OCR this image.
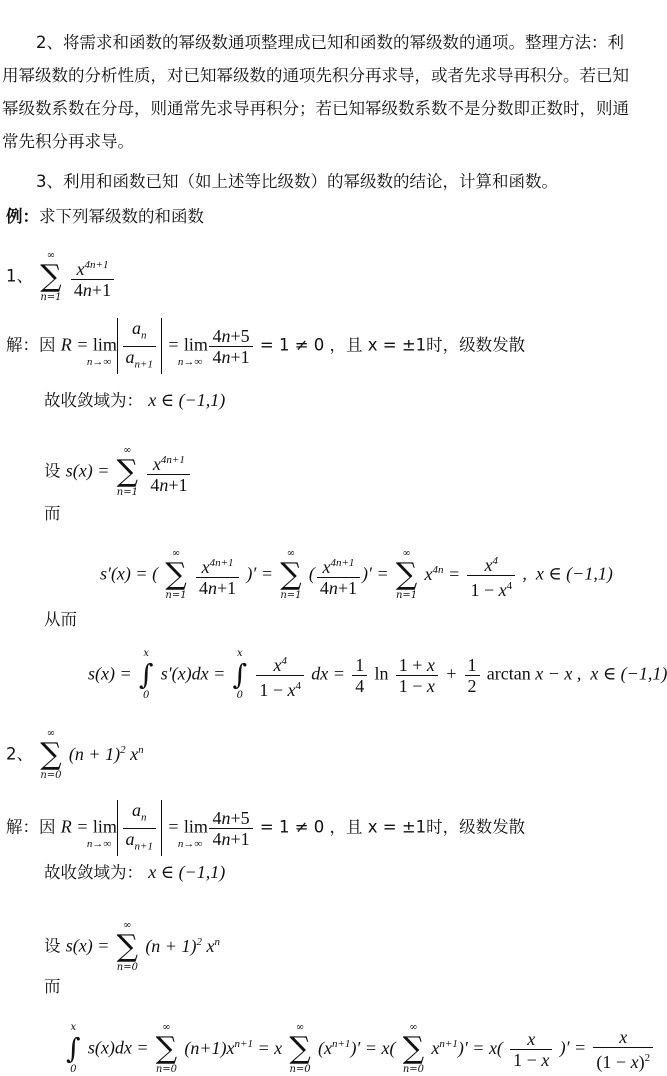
2、将需求和函数的幂级数通项整理成已知和函数的幂级数的通项。整理方法：利用幂级数的分析性质，对已知幂级数的通项先积分再求导，或者先求导再积分。若已知幂级数系数在分母，则通常先求导再积分；若已知幂级数系数不是分数即正数时，则通常先积分再求导。
3、利用和函数已知（如上述等比级数）的幂级数的结论，计算和函数。
例：求下列幂级数的和函数
1、
∞
∑
n=1
$\frac{x^{4n+1}}{4n+1}$
解：因 $R = \lim_{n\to\infty} \frac{a_n}{a_{n+1}} = \lim_{n\to\infty} \frac{4n+5}{4n+1} = 1 \ne 0$ ，且 x = ±1时，级数发散
故收敛域为： x ∈ (−1,1)
设 s(x) =
∞
∑
n=1
$\frac{x^{4n+1}}{4n+1}$
而
s′(x) = (
∞
∑
n=1
$\frac{x^{4n+1}}{4n+1}$ )′ =
∞
∑
n=1
( $\frac{x^{4n+1}}{4n+1}$ )′ =
∞
∑
n=1
$x^{4n} = \frac{x^4}{1 - x^4}$ ,  x ∈ (−1,1)
从而
s(x) =
x
∫
0
s′(x)dx =
x
∫
0
$\frac{x^4}{1 - x^4}$ dx = $\frac{1}{4}$ $\ln \frac{1 + x}{1 - x} + \frac{1}{2}$ arctan x − x ,  x ∈ (−1,1)
2、
∞
∑
n=0
$(n + 1)^2$ $x^n$
解：因 $R = \lim_{n\to\infty} \frac{a_n}{a_{n+1}} = \lim_{n\to\infty} \frac{4n+5}{4n+1} = 1 \ne 0$ ，且 x = ±1时，级数发散
故收敛域为： x ∈ (−1,1)
设 s(x) =
∞
∑
n=0
$(n + 1)^2$ $x^n$
而
x
∫
0
s(x)dx =
∞
∑
n=0
$(n+1)x^{n+1} = x$
∞
∑
n=0
$(x^{n+1})' = x$(
∞
∑
n=0
$x^{n+1})' = x( \frac{x}{1 - x}$ )′ = $\frac{x}{(1 - x)^2}$
